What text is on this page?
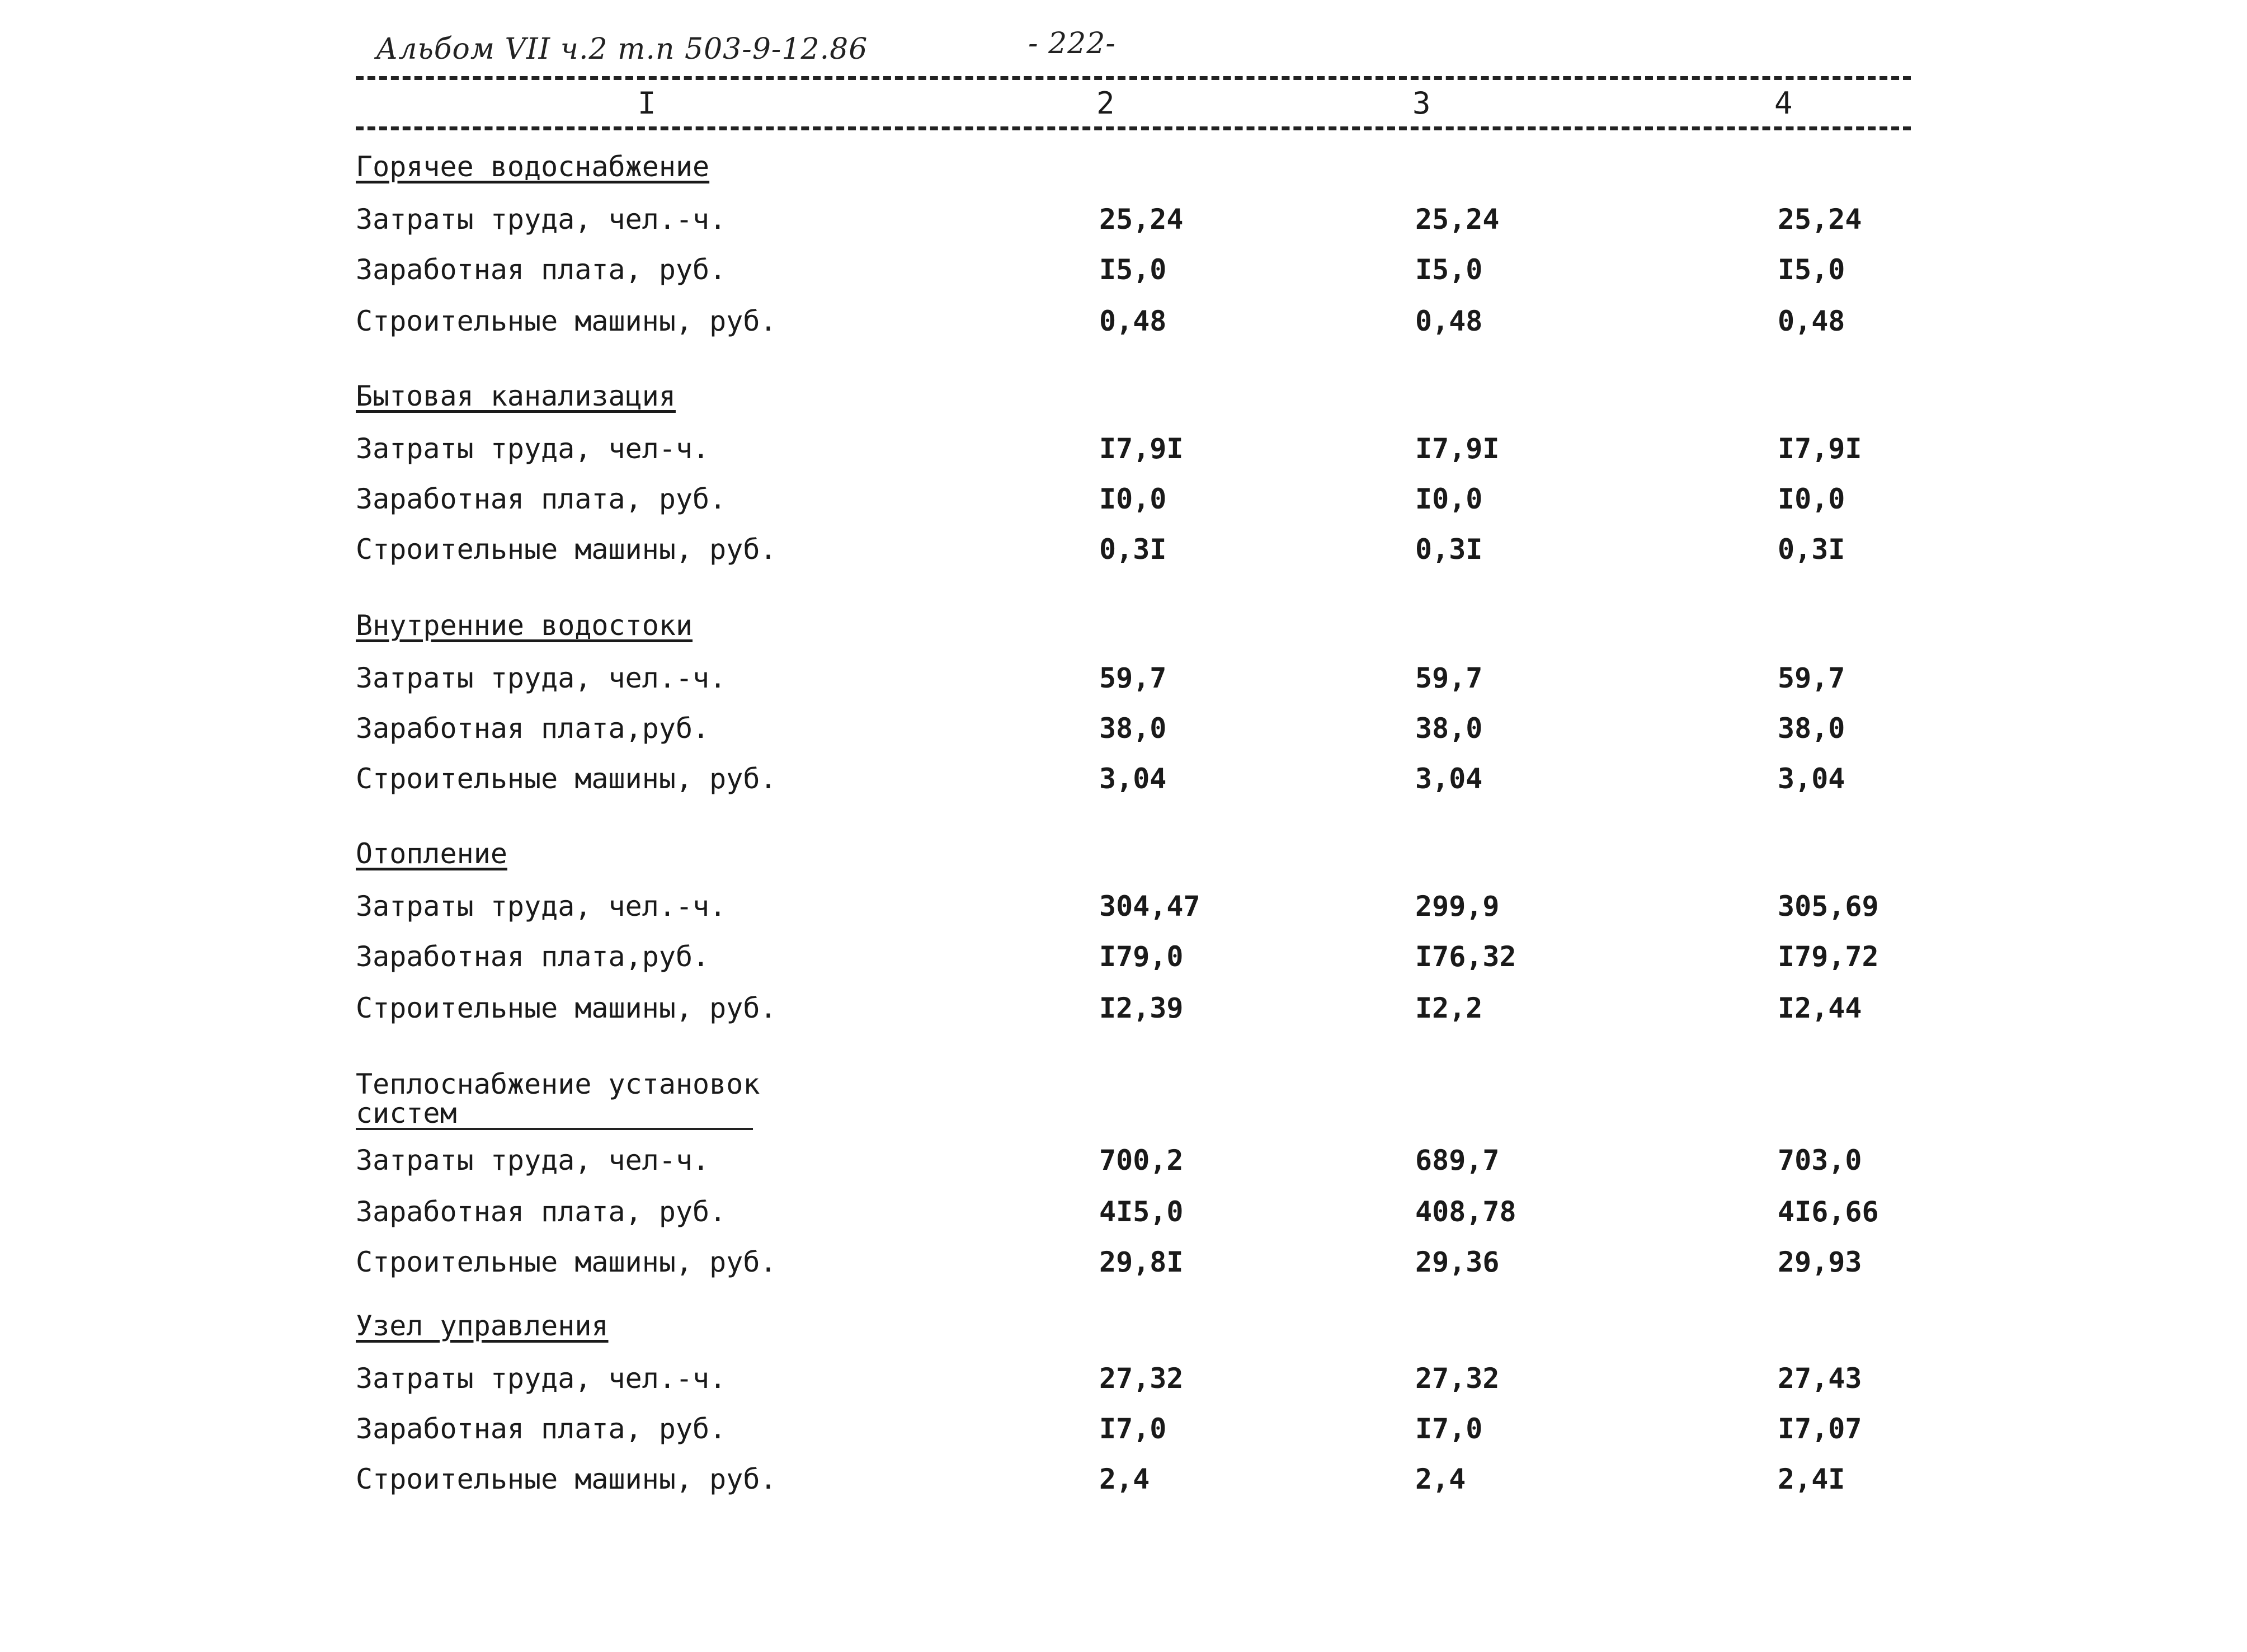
Альбом VII ч.2 т.п 503-9-12.86	- 222-
I	2	3	4
Горячее водоснабжение
Затраты труда, чел.-ч.	25,24	25,24	25,24
Заработная плата, руб.	I5,0	I5,0	I5,0
Строительные машины, руб.	0,48	0,48	0,48
Бытовая канализация
Затраты труда, чел-ч.	I7,9I	I7,9I	I7,9I
Заработная плата, руб.	I0,0	I0,0	I0,0
Строительные машины, руб.	0,3I	0,3I	0,3I
Внутренние водостоки
Затраты труда, чел.-ч.	59,7	59,7	59,7
Заработная плата,руб.	38,0	38,0	38,0
Строительные машины, руб.	3,04	3,04	3,04
Отопление
Затраты труда, чел.-ч.	304,47	299,9	305,69
Заработная плата,руб.	I79,0	I76,32	I79,72
Строительные машины, руб.	I2,39	I2,2	I2,44
Теплоснабжение установок
систем
Затраты труда, чел-ч.	700,2	689,7	703,0
Заработная плата, руб.	4I5,0	408,78	4I6,66
Строительные машины, руб.	29,8I	29,36	29,93
Узел управления
Затраты труда, чел.-ч.	27,32	27,32	27,43
Заработная плата, руб.	I7,0	I7,0	I7,07
Строительные машины, руб.	2,4	2,4	2,4I
